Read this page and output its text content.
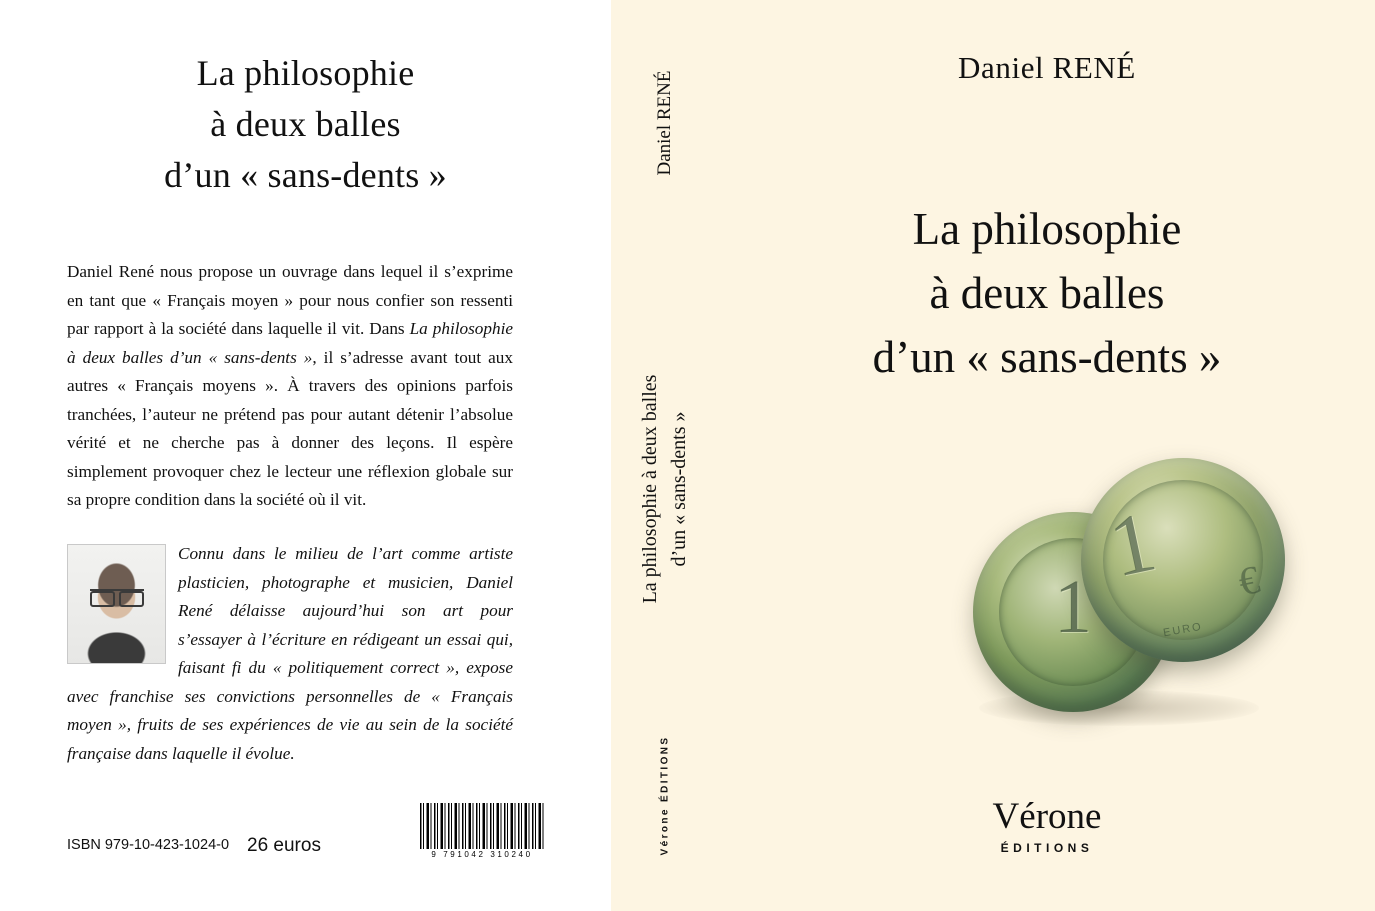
La philosophie
à deux balles
d’un « sans-dents »
Daniel René nous propose un ouvrage dans lequel il s’exprime en tant que « Français moyen » pour nous confier son ressenti par rapport à la société dans laquelle il vit. Dans La philosophie à deux balles d’un « sans-dents », il s’adresse avant tout aux autres « Français moyens ». À travers des opinions parfois tranchées, l’auteur ne prétend pas pour autant détenir l’absolue vérité et ne cherche pas à donner des leçons. Il espère simplement provoquer chez le lecteur une réflexion globale sur sa propre condition dans la société où il vit.
Connu dans le milieu de l’art comme artiste plasticien, photographe et musicien, Daniel René délaisse aujourd’hui son art pour s’essayer à l’écriture en rédigeant un essai qui, faisant fi du « politiquement correct », expose avec franchise ses convictions personnelles de « Français moyen », fruits de ses expériences de vie au sein de la société française dans laquelle il évolue.
ISBN 979-10-423-1024-0 26 euros	9 791042 310240
Daniel RENÉ
La philosophie à deux balles d’un « sans-dents »
Vérone ÉDITIONS
Daniel RENÉ
La philosophie
à deux balles
d’un « sans-dents »
1
1 €
EURO
Vérone
ÉDITIONS
